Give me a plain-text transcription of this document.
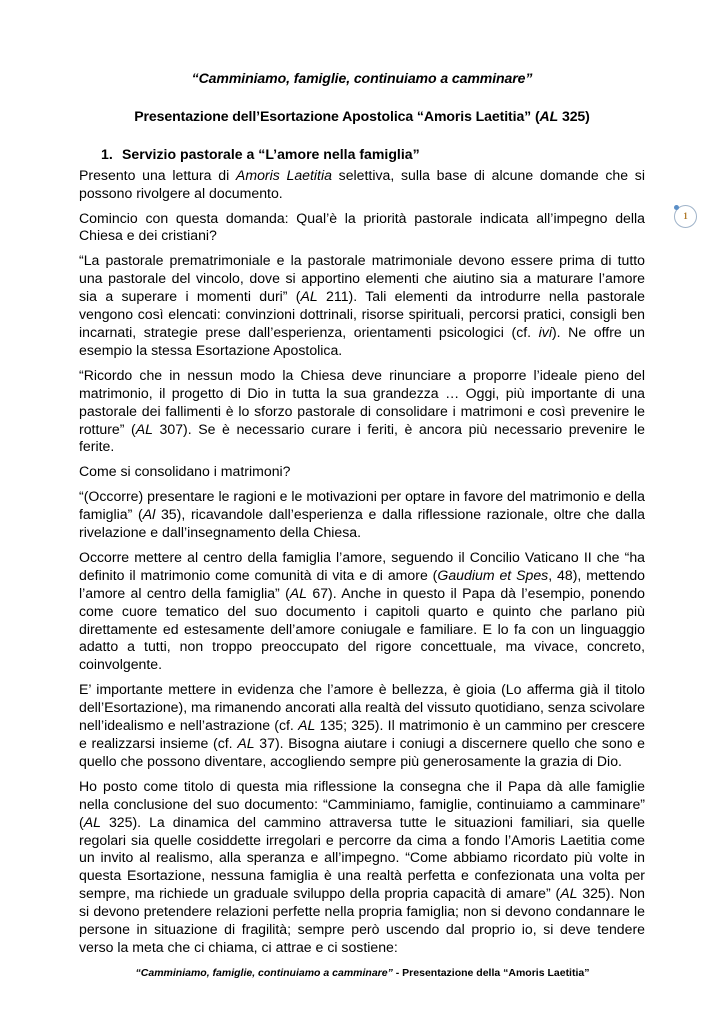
“Camminiamo, famiglie, continuiamo a camminare”
Presentazione dell’Esortazione Apostolica “Amoris Laetitia” (AL 325)
1. Servizio pastorale a “L’amore nella famiglia”

Presento una lettura di Amoris Laetitia selettiva, sulla base di alcune domande che si possono rivolgere al documento.

Comincio con questa domanda: Qual’è la priorità pastorale indicata all’impegno della Chiesa e dei cristiani?

“La pastorale prematrimoniale e la pastorale matrimoniale devono essere prima di tutto una pastorale del vincolo, dove si apportino elementi che aiutino sia a maturare l’amore sia a superare i momenti duri” (AL 211). Tali elementi da introdurre nella pastorale vengono così elencati: convinzioni dottrinali, risorse spirituali, percorsi pratici, consigli ben incarnati, strategie prese dall’esperienza, orientamenti psicologici (cf. ivi). Ne offre un esempio la stessa Esortazione Apostolica.

“Ricordo che in nessun modo la Chiesa deve rinunciare a proporre l’ideale pieno del matrimonio, il progetto di Dio in tutta la sua grandezza … Oggi, più importante di una pastorale dei fallimenti è lo sforzo pastorale di consolidare i matrimoni e così prevenire le rotture” (AL 307). Se è necessario curare i feriti, è ancora più necessario prevenire le ferite.

Come si consolidano i matrimoni?

“(Occorre) presentare le ragioni e le motivazioni per optare in favore del matrimonio e della famiglia” (Al 35), ricavandole dall’esperienza e dalla riflessione razionale, oltre che dalla rivelazione e dall’insegnamento della Chiesa.

Occorre mettere al centro della famiglia l’amore, seguendo il Concilio Vaticano II che “ha definito il matrimonio come comunità di vita e di amore (Gaudium et Spes, 48), mettendo l’amore al centro della famiglia” (AL 67). Anche in questo il Papa dà l’esempio, ponendo come cuore tematico del suo documento i capitoli quarto e quinto che parlano più direttamente ed estesamente dell’amore coniugale e familiare. E lo fa con un linguaggio adatto a tutti, non troppo preoccupato del rigore concettuale, ma vivace, concreto, coinvolgente.

E’ importante mettere in evidenza che l’amore è bellezza, è gioia (Lo afferma già il titolo dell’Esortazione), ma rimanendo ancorati alla realtà del vissuto quotidiano, senza scivolare nell’idealismo e nell’astrazione (cf. AL 135; 325). Il matrimonio è un cammino per crescere e realizzarsi insieme (cf. AL 37). Bisogna aiutare i coniugi a discernere quello che sono e quello che possono diventare, accogliendo sempre più generosamente la grazia di Dio.

Ho posto come titolo di questa mia riflessione la consegna che il Papa dà alle famiglie nella conclusione del suo documento: “Camminiamo, famiglie, continuiamo a camminare” (AL 325). La dinamica del cammino attraversa tutte le situazioni familiari, sia quelle regolari sia quelle cosiddette irregolari e percorre da cima a fondo l’Amoris Laetitia come un invito al realismo, alla speranza e all’impegno. “Come abbiamo ricordato più volte in questa Esortazione, nessuna famiglia è una realtà perfetta e confezionata una volta per sempre, ma richiede un graduale sviluppo della propria capacità di amare” (AL 325). Non si devono pretendere relazioni perfette nella propria famiglia; non si devono condannare le persone in situazione di fragilità; sempre però uscendo dal proprio io, si deve tendere verso la meta che ci chiama, ci attrae e ci sostiene:

1
“Camminiamo, famiglie, continuiamo a camminare” - Presentazione della “Amoris Laetitia”
